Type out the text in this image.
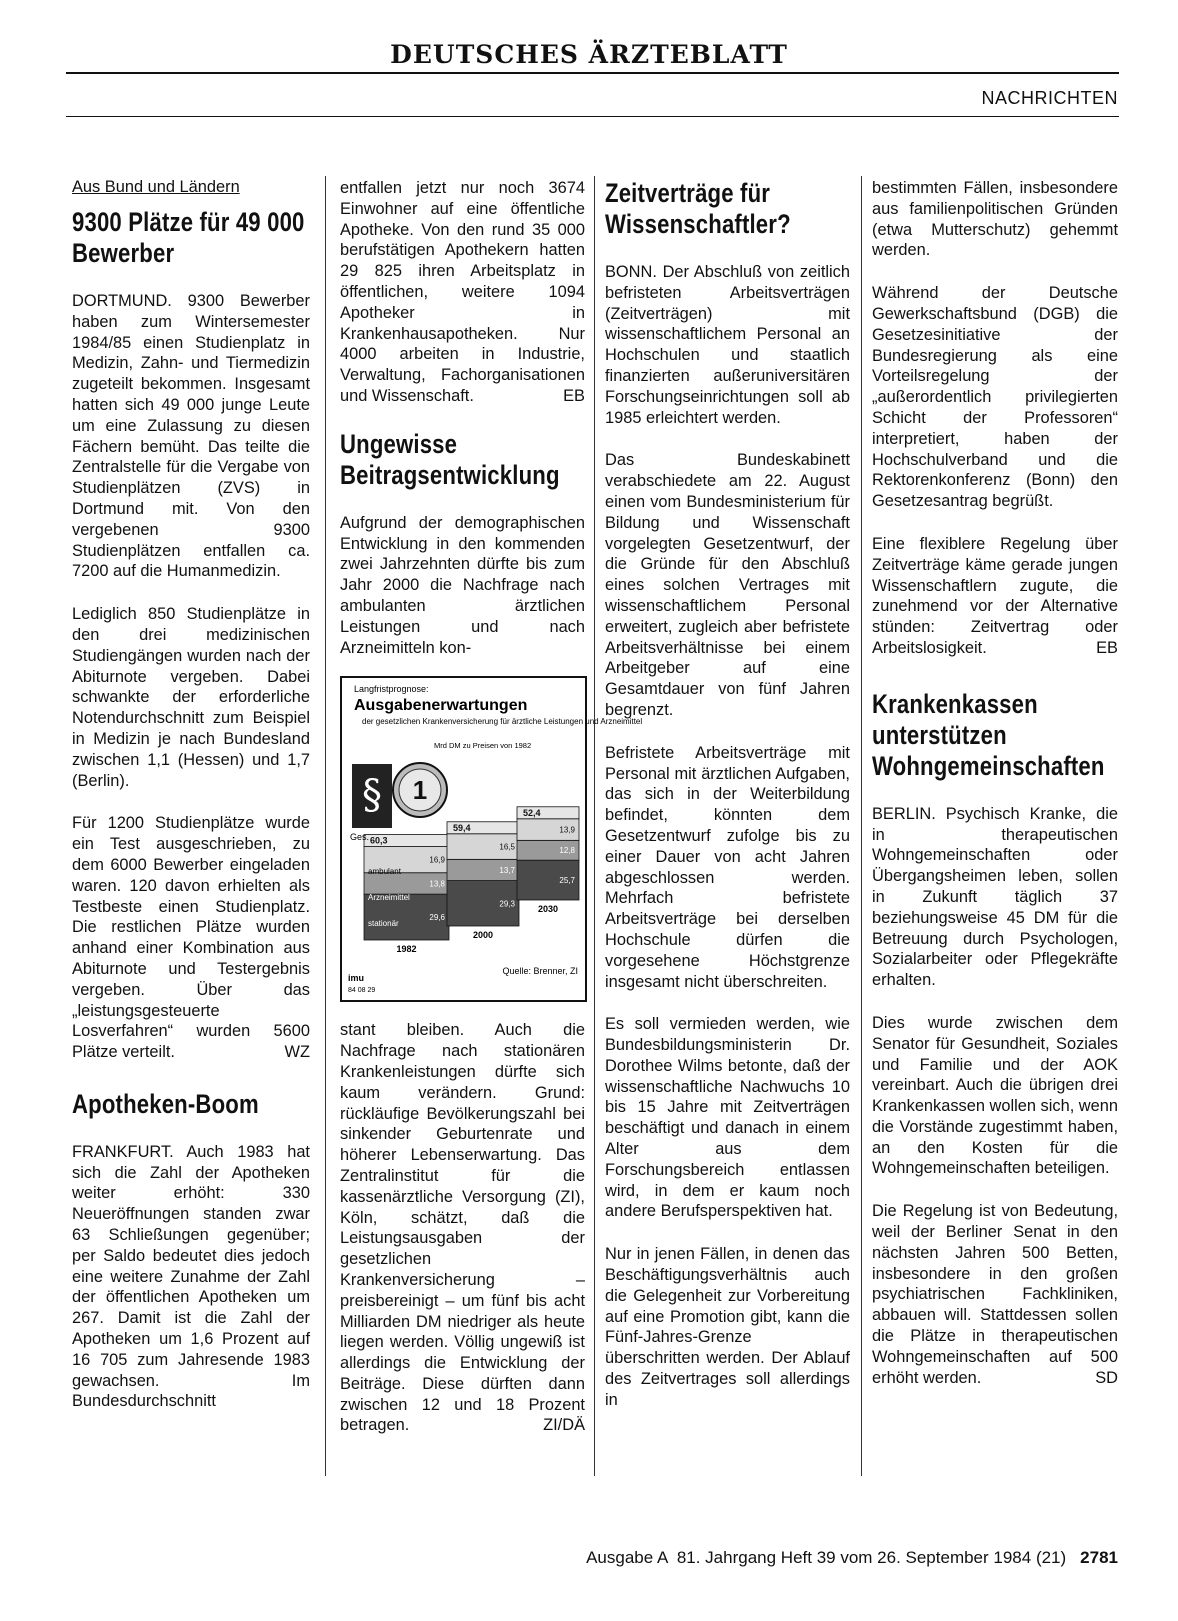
DEUTSCHES ÄRZTEBLATT
NACHRICHTEN
Aus Bund und Ländern
9300 Plätze für 49 000 Bewerber

DORTMUND. 9300 Bewerber haben zum Wintersemester 1984/85 einen Studienplatz in Medizin, Zahn- und Tiermedizin zugeteilt bekommen. Insgesamt hatten sich 49 000 junge Leute um eine Zulassung zu diesen Fächern bemüht. Das teilte die Zentralstelle für die Vergabe von Studienplätzen (ZVS) in Dortmund mit. Von den vergebenen 9300 Studienplätzen entfallen ca. 7200 auf die Humanmedizin.

Lediglich 850 Studienplätze in den drei medizinischen Studiengängen wurden nach der Abiturnote vergeben. Dabei schwankte der erforderliche Notendurchschnitt zum Beispiel in Medizin je nach Bundesland zwischen 1,1 (Hessen) und 1,7 (Berlin).

Für 1200 Studienplätze wurde ein Test ausgeschrieben, zu dem 6000 Bewerber eingeladen waren. 120 davon erhielten als Testbeste einen Studienplatz. Die restlichen Plätze wurden anhand einer Kombination aus Abiturnote und Testergebnis vergeben. Über das „leistungsgesteuerte Losverfahren“ wurden 5600 Plätze verteilt.	WZ

Apotheken-Boom

FRANKFURT. Auch 1983 hat sich die Zahl der Apotheken weiter erhöht: 330 Neueröffnungen standen zwar 63 Schließungen gegenüber; per Saldo bedeutet dies jedoch eine weitere Zunahme der Zahl der öffentlichen Apotheken um 267. Damit ist die Zahl der Apotheken um 1,6 Prozent auf 16 705 zum Jahresende 1983 gewachsen. Im Bundesdurchschnitt

entfallen jetzt nur noch 3674 Einwohner auf eine öffentliche Apotheke. Von den rund 35 000 berufstätigen Apothekern hatten 29 825 ihren Arbeitsplatz in öffentlichen, weitere 1094 Apotheker in Krankenhausapotheken. Nur 4000 arbeiten in Industrie, Verwaltung, Fachorganisationen und Wissenschaft.	EB

Ungewisse Beitragsentwicklung

Aufgrund der demographischen Entwicklung in den kommenden zwei Jahrzehnten dürfte bis zum Jahr 2000 die Nachfrage nach ambulanten ärztlichen Leistungen und nach Arzneimitteln kon-

Langfristprognose:
Ausgabenerwartungen
der gesetzlichen Krankenversicherung für ärztliche Leistungen und Arzneimittel
Mrd DM zu Preisen von 1982
§ 1
29,6
13,8
16,9
60,3
1982
29,3
13,7
16,5
59,4
2000
25,7
12,8
13,9
52,4
2030
Ges.
ambulant
Arzneimittel
stationär
Quelle: Brenner, ZI
imu
84 08 29

stant bleiben. Auch die Nachfrage nach stationären Krankenleistungen dürfte sich kaum verändern. Grund: rückläufige Bevölkerungszahl bei sinkender Geburtenrate und höherer Lebenserwartung. Das Zentralinstitut für die kassenärztliche Versorgung (ZI), Köln, schätzt, daß die Leistungsausgaben der gesetzlichen Krankenversicherung – preisbereinigt – um fünf bis acht Milliarden DM niedriger als heute liegen werden. Völlig ungewiß ist allerdings die Entwicklung der Beiträge. Diese dürften dann zwischen 12 und 18 Prozent betragen.	ZI/DÄ

Zeitverträge für Wissenschaftler?

BONN. Der Abschluß von zeitlich befristeten Arbeitsverträgen (Zeitverträgen) mit wissenschaftlichem Personal an Hochschulen und staatlich finanzierten außeruniversitären Forschungseinrichtungen soll ab 1985 erleichtert werden.

Das Bundeskabinett verabschiedete am 22. August einen vom Bundesministerium für Bildung und Wissenschaft vorgelegten Gesetzentwurf, der die Gründe für den Abschluß eines solchen Vertrages mit wissenschaftlichem Personal erweitert, zugleich aber befristete Arbeitsverhältnisse bei einem Arbeitgeber auf eine Gesamtdauer von fünf Jahren begrenzt.

Befristete Arbeitsverträge mit Personal mit ärztlichen Aufgaben, das sich in der Weiterbildung befindet, könnten dem Gesetzentwurf zufolge bis zu einer Dauer von acht Jahren abgeschlossen werden. Mehrfach befristete Arbeitsverträge bei derselben Hochschule dürfen die vorgesehene Höchstgrenze insgesamt nicht überschreiten.

Es soll vermieden werden, wie Bundesbildungsministerin Dr. Dorothee Wilms betonte, daß der wissenschaftliche Nachwuchs 10 bis 15 Jahre mit Zeitverträgen beschäftigt und danach in einem Alter aus dem Forschungsbereich entlassen wird, in dem er kaum noch andere Berufsperspektiven hat.

Nur in jenen Fällen, in denen das Beschäftigungsverhältnis auch die Gelegenheit zur Vorbereitung auf eine Promotion gibt, kann die Fünf-Jahres-Grenze überschritten werden. Der Ablauf des Zeitvertrages soll allerdings in

bestimmten Fällen, insbesondere aus familienpolitischen Gründen (etwa Mutterschutz) gehemmt werden.

Während der Deutsche Gewerkschaftsbund (DGB) die Gesetzesinitiative der Bundesregierung als eine Vorteilsregelung der „außerordentlich privilegierten Schicht der Professoren“ interpretiert, haben der Hochschulverband und die Rektorenkonferenz (Bonn) den Gesetzesantrag begrüßt.

Eine flexiblere Regelung über Zeitverträge käme gerade jungen Wissenschaftlern zugute, die zunehmend vor der Alternative stünden: Zeitvertrag oder Arbeitslosigkeit.	EB

Krankenkassen unterstützen Wohngemeinschaften

BERLIN. Psychisch Kranke, die in therapeutischen Wohngemeinschaften oder Übergangsheimen leben, sollen in Zukunft täglich 37 beziehungsweise 45 DM für die Betreuung durch Psychologen, Sozialarbeiter oder Pflegekräfte erhalten.

Dies wurde zwischen dem Senator für Gesundheit, Soziales und Familie und der AOK vereinbart. Auch die übrigen drei Krankenkassen wollen sich, wenn die Vorstände zugestimmt haben, an den Kosten für die Wohngemeinschaften beteiligen.

Die Regelung ist von Bedeutung, weil der Berliner Senat in den nächsten Jahren 500 Betten, insbesondere in den großen psychiatrischen Fachkliniken, abbauen will. Stattdessen sollen die Plätze in therapeutischen Wohngemeinschaften auf 500 erhöht werden.	SD

Ausgabe A  81. Jahrgang Heft 39 vom 26. September 1984 (21) 2781
